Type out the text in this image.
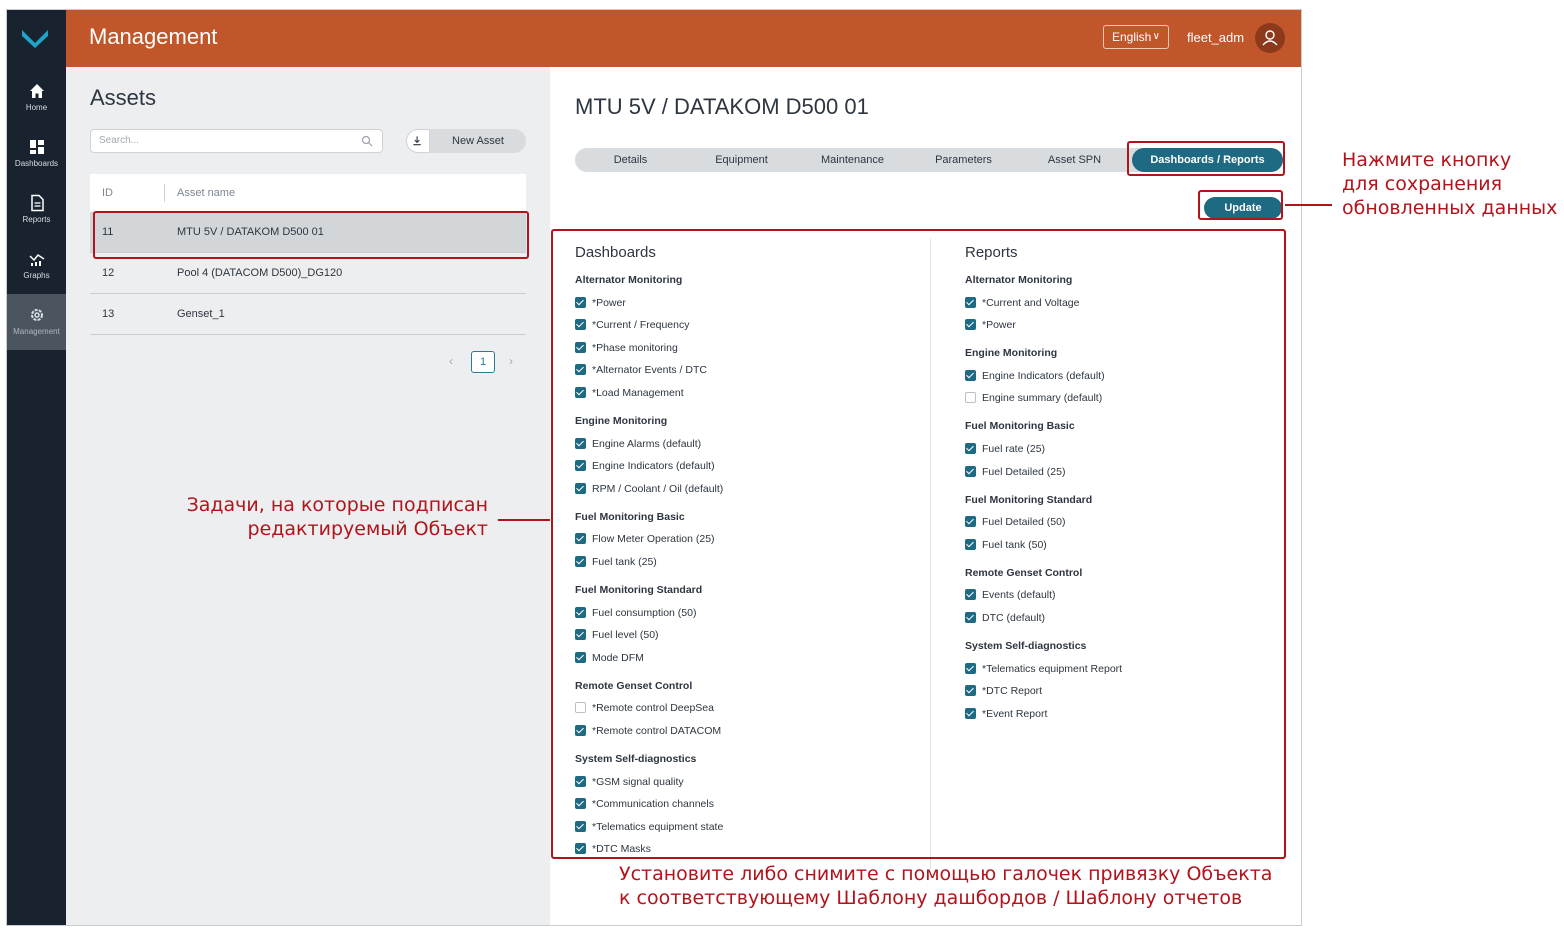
Home
Dashboards
Reports
Graphs
Management
Management	English ∨ fleet_adm
Assets
Search...	New Asset
ID	Asset name
11	MTU 5V / DATAKOM D500 01
12	Pool 4 (DATACOM D500)_DG120
13	Genset_1
‹	1	›
MTU 5V / DATAKOM D500 01
Details	Equipment	Maintenance	Parameters	Asset SPN	Dashboards / Reports
Update
Dashboards
Alternator Monitoring
*Power
*Current / Frequency
*Phase monitoring
*Alternator Events / DTC
*Load Management
Engine Monitoring
Engine Alarms (default)
Engine Indicators (default)
RPM / Coolant / Oil (default)
Fuel Monitoring Basic
Flow Meter Operation (25)
Fuel tank (25)
Fuel Monitoring Standard
Fuel consumption (50)
Fuel level (50)
Mode DFM
Remote Genset Control
*Remote control DeepSea
*Remote control DATACOM
System Self-diagnostics
*GSM signal quality
*Communication channels
*Telematics equipment state
*DTC Masks
Reports
Alternator Monitoring
*Current and Voltage
*Power
Engine Monitoring
Engine Indicators (default)
Engine summary (default)
Fuel Monitoring Basic
Fuel rate (25)
Fuel Detailed (25)
Fuel Monitoring Standard
Fuel Detailed (50)
Fuel tank (50)
Remote Genset Control
Events (default)
DTC (default)
System Self-diagnostics
*Telematics equipment Report
*DTC Report
*Event Report
Нажмите кнопку
для сохранения
обновленных данных
Задачи, на которые подписан
редактируемый Объект
Установите либо снимите с помощью галочек привязку Объекта
к соответствующему Шаблону дашбордов / Шаблону отчетов
